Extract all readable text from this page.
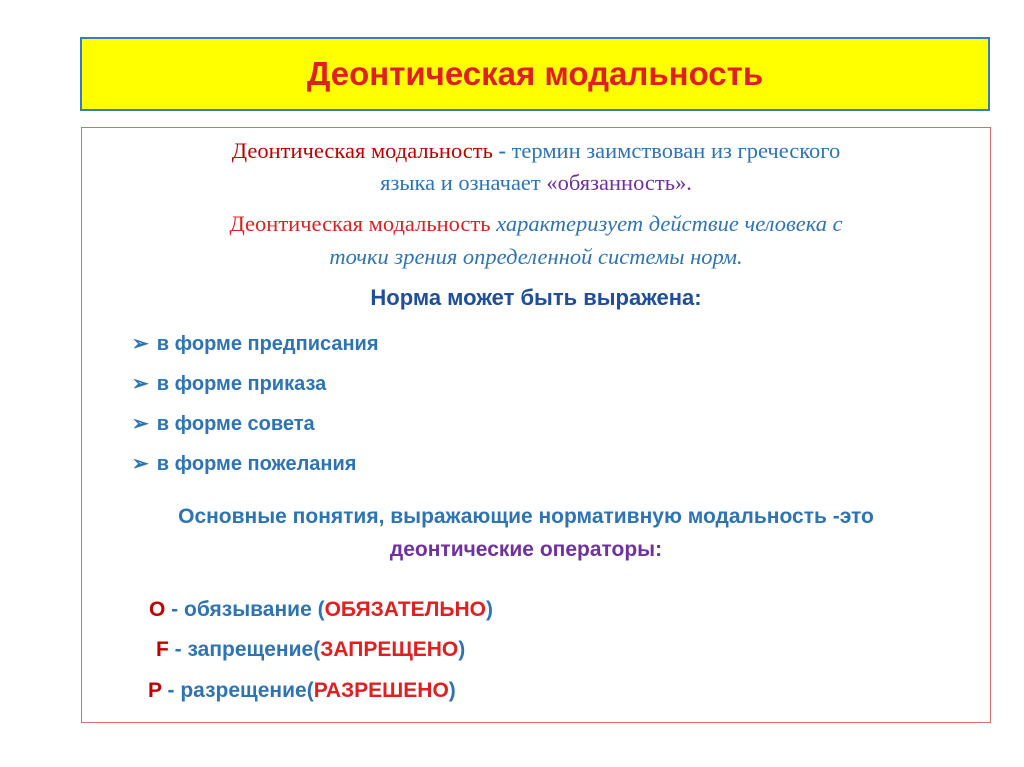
Деонтическая модальность
Деонтическая модальность - термин заимствован из греческого
языка и означает «обязанность».
Деонтическая модальность характеризует действие человека с
точки зрения определенной системы норм.
Норма может быть выражена:
➢ в форме предписания
➢ в форме приказа
➢ в форме совета
➢ в форме пожелания
Основные понятия, выражающие нормативную модальность -это
деонтические операторы:
O - обязывание (ОБЯЗАТЕЛЬНО)
F - запрещение(ЗАПРЕЩЕНО)
P - разрещение(РАЗРЕШЕНО)
